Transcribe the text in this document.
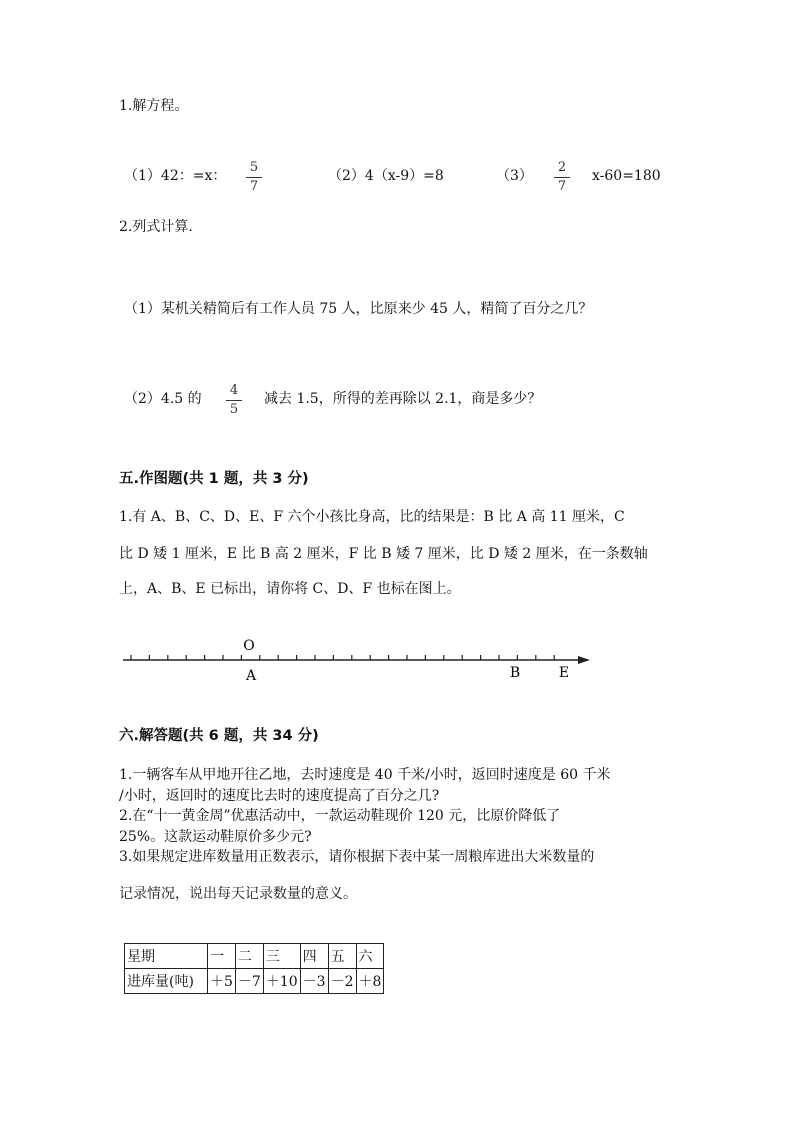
1.解方程。
（1）42：=x： $\frac{5}{7}$	（2）4（x-9）=8	$(3) \frac{2}{7} x-60=180$
2.列式计算.
（1）某机关精简后有工作人员 75 人，比原来少 45 人，精简了百分之几？
（2）4.5 的 $\frac{4}{5}$ 减去 1.5，所得的差再除以 2.1，商是多少？
五.作图题(共 1 题，共 3 分)
1.有 A、B、C、D、E、F 六个小孩比身高，比的结果是：B 比 A 高 11 厘米，C
比 D 矮 1 厘米，E 比 B 高 2 厘米，F 比 B 矮 7 厘米，比 D 矮 2 厘米，在一条数轴
上，A、B、E 已标出，请你将 C、D、F 也标在图上。
O
A	B	E
六.解答题(共 6 题，共 34 分)
1.一辆客车从甲地开往乙地，去时速度是 40 千米/小时，返回时速度是 60 千米
/小时，返回时的速度比去时的速度提高了百分之几?
2.在“十一黄金周”优惠活动中，一款运动鞋现价 120 元，比原价降低了
25%。这款运动鞋原价多少元?
3.如果规定进库数量用正数表示，请你根据下表中某一周粮库进出大米数量的
记录情况，说出每天记录数量的意义。
星期	一	二	三	四	五	六
进库量(吨)	＋5	－7	＋10	－3	－2	＋8
